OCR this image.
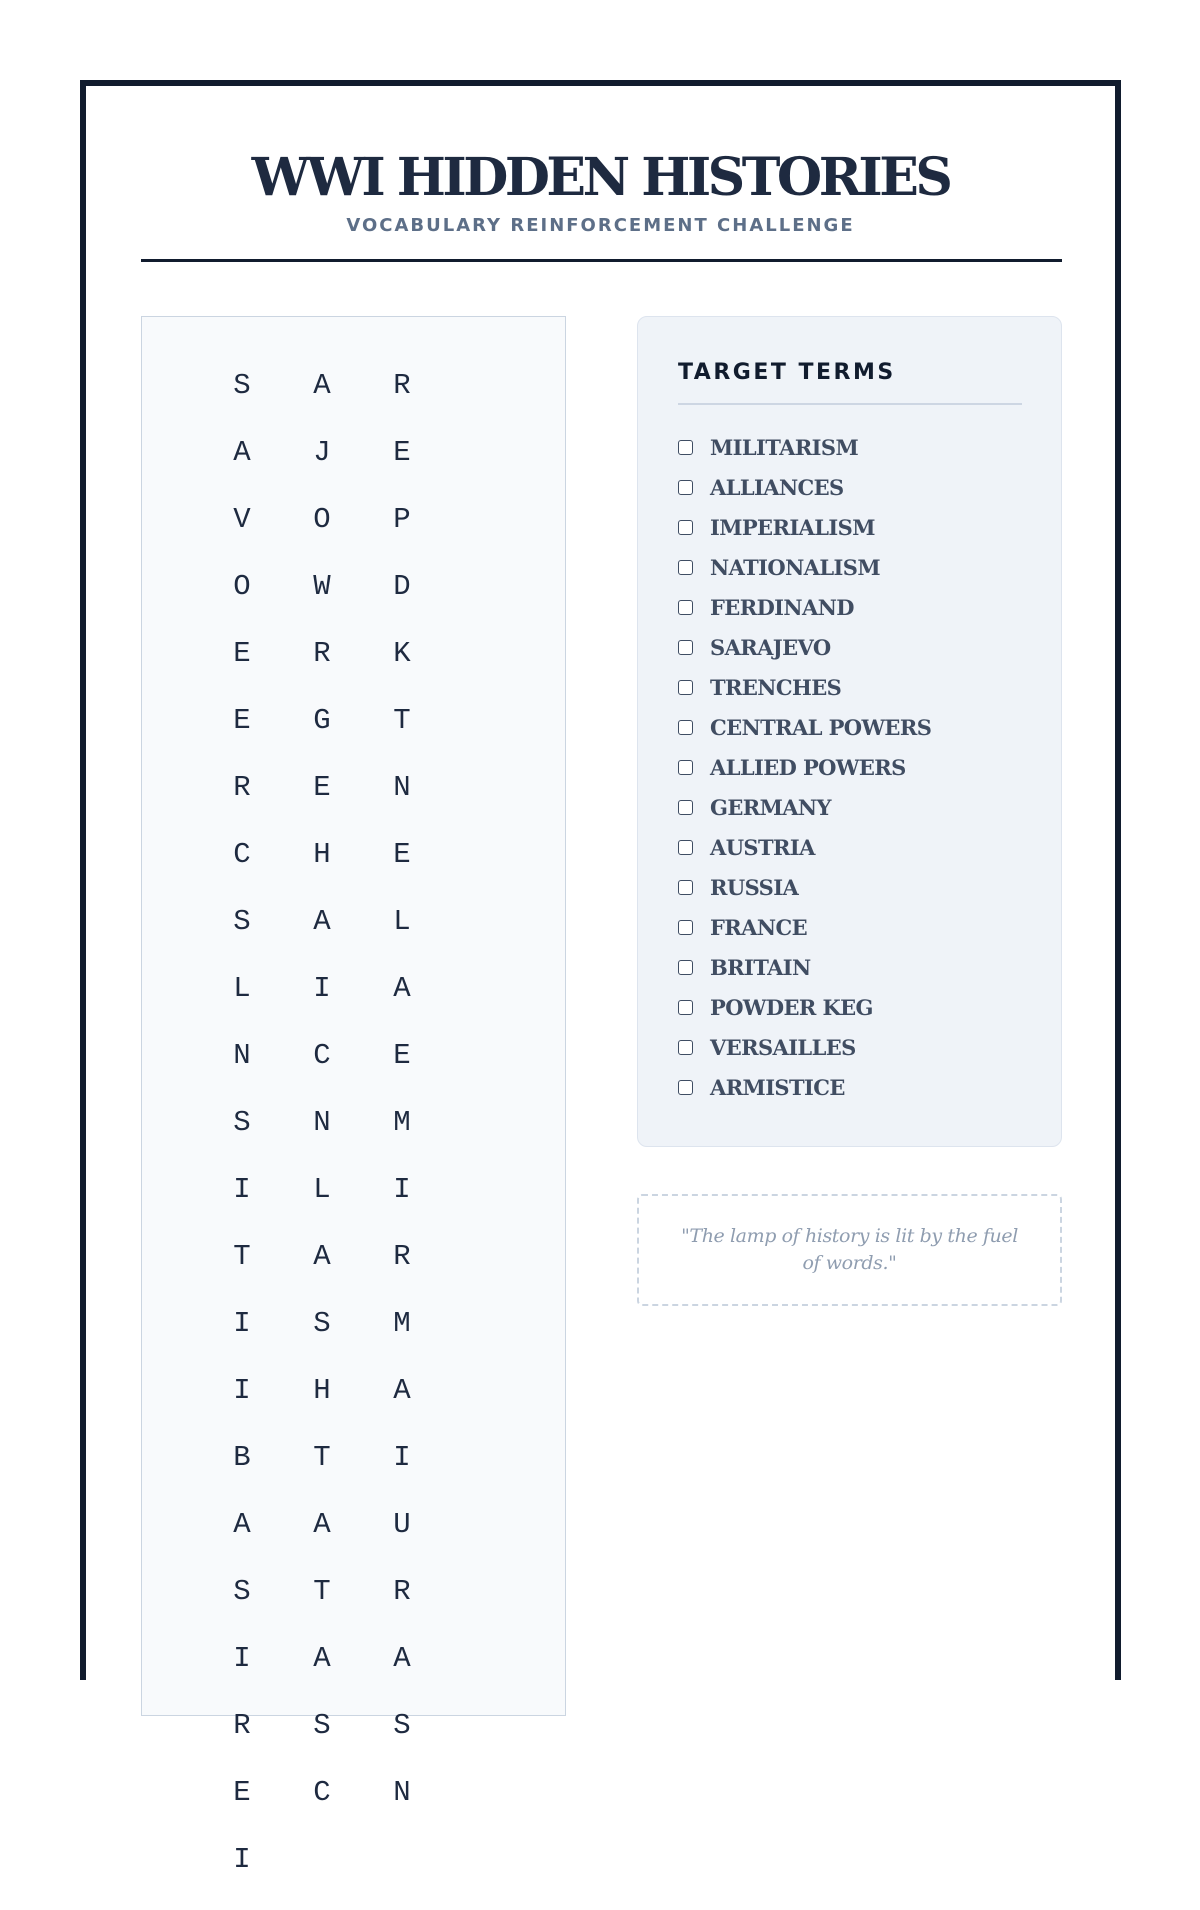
WWI HIDDEN HISTORIES
VOCABULARY REINFORCEMENT CHALLENGE
S	A	R
A	J	E
V	O	P
O	W	D
E	R	K
E	G	T
R	E	N
C	H	E
S	A	L
L	I	A
N	C	E
S	N	M
I	L	I
T	A	R
I	S	M
I	H	A
B	T	I
A	A	U
S	T	R
I	A	A
R	S	S
E	C	N
I
TARGET TERMS
MILITARISM
ALLIANCES
IMPERIALISM
NATIONALISM
FERDINAND
SARAJEVO
TRENCHES
CENTRAL POWERS
ALLIED POWERS
GERMANY
AUSTRIA
RUSSIA
FRANCE
BRITAIN
POWDER KEG
VERSAILLES
ARMISTICE
"The lamp of history is lit by the fuel of words."
